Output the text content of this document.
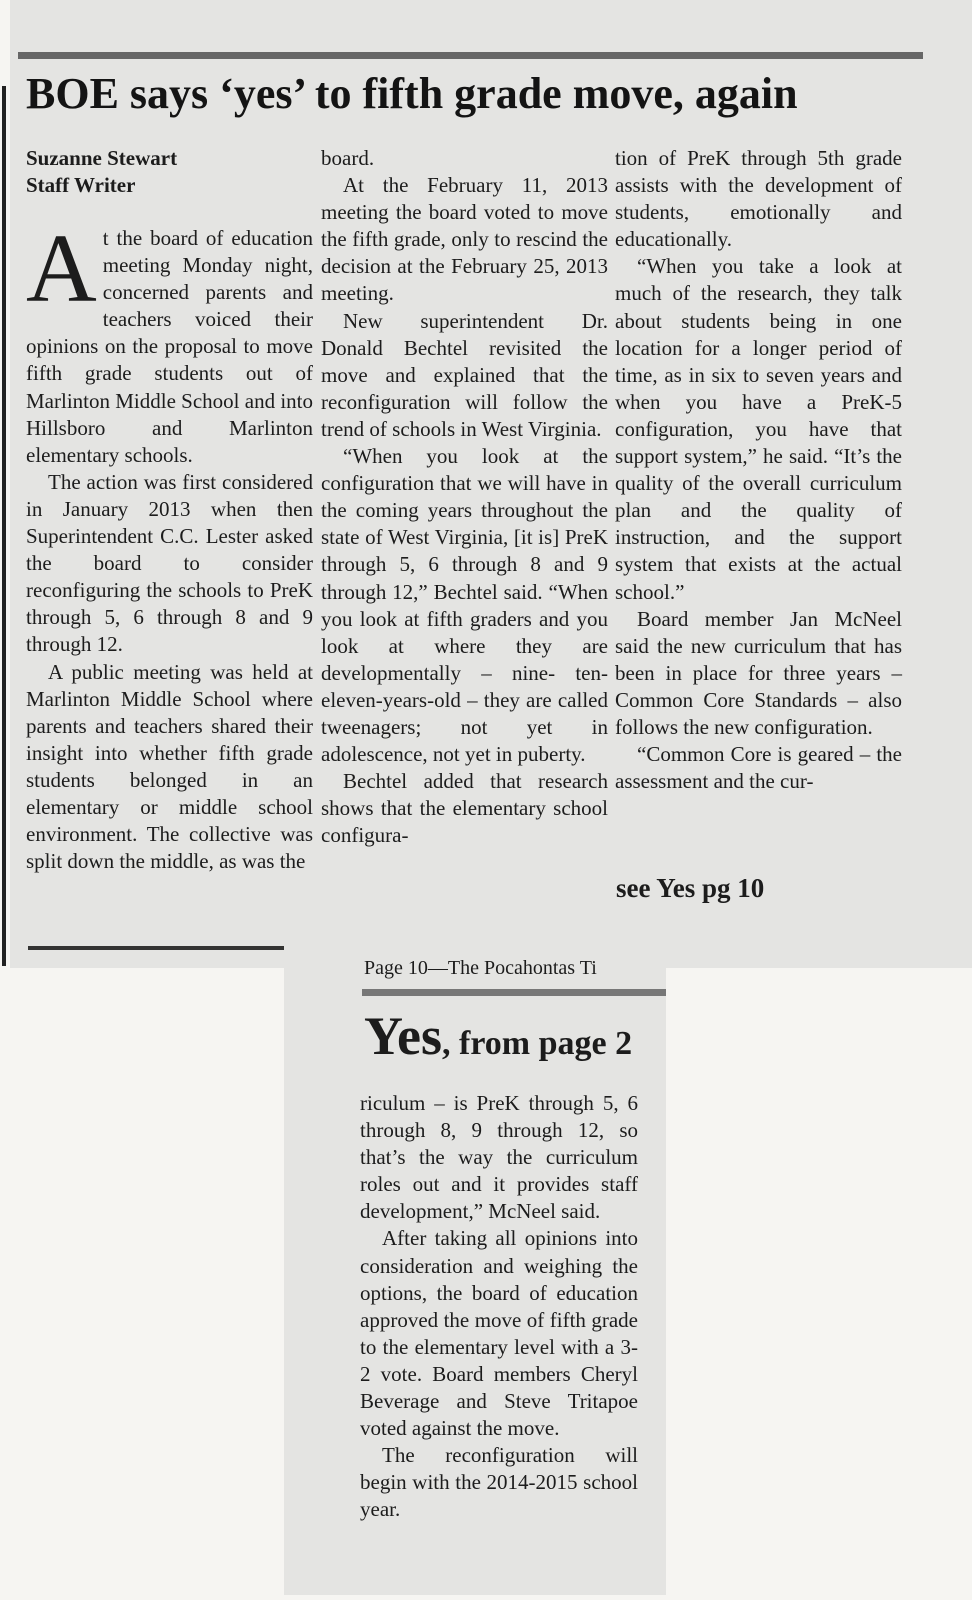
BOE says ‘yes’ to fifth grade move, again
Suzanne Stewart
Staff Writer

At the board of education meeting Monday night, concerned parents and teachers voiced their opinions on the proposal to move fifth grade students out of Marlinton Middle School and into Hillsboro and Marlinton elementary schools.

The action was first considered in January 2013 when then Superintendent C.C. Lester asked the board to consider reconfiguring the schools to PreK through 5, 6 through 8 and 9 through 12.

A public meeting was held at Marlinton Middle School where parents and teachers shared their insight into whether fifth grade students belonged in an elementary or middle school environment. The collective was split down the middle, as was the

board.

At the February 11, 2013 meeting the board voted to move the fifth grade, only to rescind the decision at the February 25, 2013 meeting.

New superintendent Dr. Donald Bechtel revisited the move and explained that the reconfiguration will follow the trend of schools in West Virginia.

“When you look at the configuration that we will have in the coming years throughout the state of West Virginia, [it is] PreK through 5, 6 through 8 and 9 through 12,” Bechtel said. “When you look at fifth graders and you look at where they are developmentally – nine- ten- eleven-years-old – they are called tweenagers; not yet in adolescence, not yet in puberty.

Bechtel added that research shows that the elementary school configura-

tion of PreK through 5th grade assists with the development of students, emotionally and educationally.

“When you take a look at much of the research, they talk about students being in one location for a longer period of time, as in six to seven years and when you have a PreK-5 configuration, you have that support system,” he said. “It’s the quality of the overall curriculum plan and the quality of instruction, and the support system that exists at the actual school.”

Board member Jan McNeel said the new curriculum that has been in place for three years – Common Core Standards – also follows the new configuration.

“Common Core is geared – the assessment and the cur-

see Yes pg 10
Page 10—The Pocahontas Ti
Yes, from page 2

riculum – is PreK through 5, 6 through 8, 9 through 12, so that’s the way the curriculum roles out and it provides staff development,” McNeel said.

After taking all opinions into consideration and weighing the options, the board of education approved the move of fifth grade to the elementary level with a 3-2 vote. Board members Cheryl Beverage and Steve Tritapoe voted against the move.

The reconfiguration will begin with the 2014-2015 school year.
